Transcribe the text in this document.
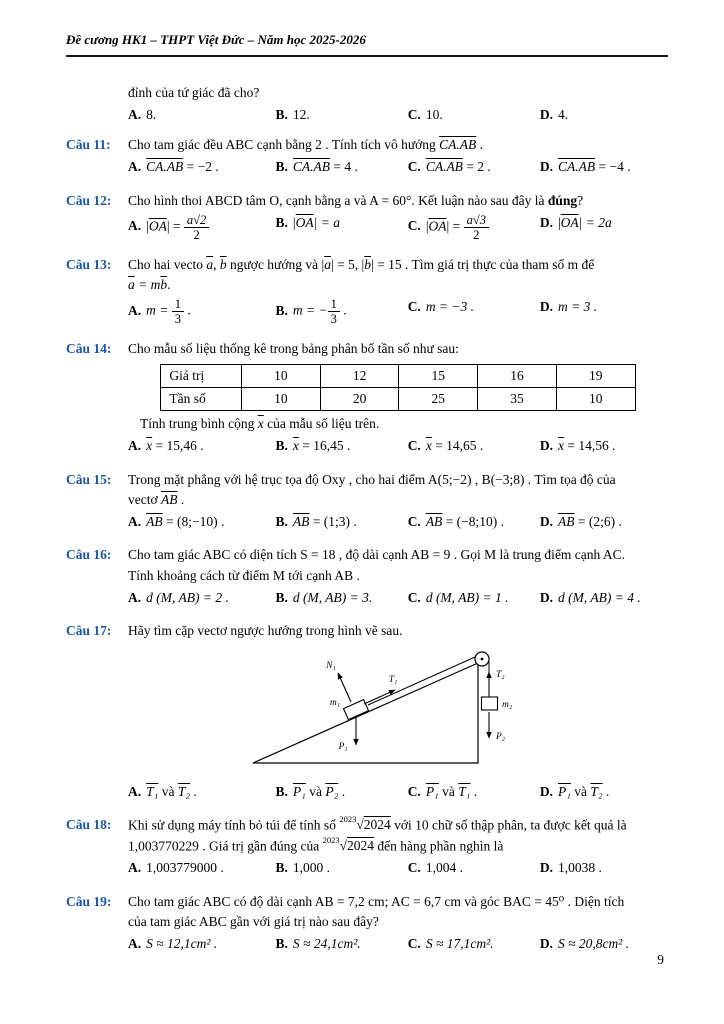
Đề cương HK1 – THPT Việt Đức – Năm học 2025-2026

đỉnh của tứ giác đã cho?

A. 8.	B. 12.	C. 10.	D. 4.
Câu 11:	Cho tam giác đều ABC cạnh bằng 2 . Tính tích vô hướng CA.AB .

A. CA.AB = −2 .	B. CA.AB = 4 .	C. CA.AB = 2 .	D. CA.AB = −4 .
Câu 12:	Cho hình thoi ABCD tâm O, cạnh bằng a và A = 60°. Kết luận nào sau đây là đúng?

A. $|\overline{OA}| = \frac{a√2}{2}$	B. $|\overline{OA}| = a$	C. $|\overline{OA}| = \frac{a√3}{2}$	D. $|\overline{OA}| = 2a$
Câu 13:	Cho hai vecto $\overline{a}$, $\overline{b}$ ngược hướng và $|\overline{a}| = 5$, $|\overline{b}| = 15$ . Tìm giá trị thực của tham số m để

$\overline{a} = m\overline{b}$.

A. $m = \frac{1}{3}$ .	B. m = − $\frac{1}{3}$ .	C. m = −3 .	D. m = 3 .
Câu 14:	Cho mẫu số liệu thống kê trong bảng phân bố tần số như sau:

Giá trị	10	12	15	16	19
Tần số	10	20	25	35	10

Tính trung bình cộng $\overline{x}$ của mẫu số liệu trên.

A. $\overline{x} = 15,46$ .	B. $\overline{x} = 16,45$ .	C. $\overline{x} = 14,65$ .	D. $\overline{x} = 14,56$ .
Câu 15:	Trong mặt phẳng với hệ trục tọa độ Oxy , cho hai điểm A(5;−2) , B(−3;8) . Tìm tọa độ của

vectơ $\overline{AB}$ .

A. $\overline{AB}$ = (8;−10) .	B. $\overline{AB}$ = (1;3) .	C. $\overline{AB}$ = (−8;10) .	D. $\overline{AB}$ = (2;6) .
Câu 16:	Cho tam giác ABC có diện tích S = 18 , độ dài cạnh AB = 9 . Gọi M là trung điểm cạnh AC.

Tính khoảng cách từ điểm M tới cạnh AB .

A. d (M, AB) = 2 .	B. d (M, AB) = 3.	C. d (M, AB) = 1 .	D. d (M, AB) = 4 .
Câu 17:	Hãy tìm cặp vectơ ngược hướng trong hình vẽ sau.

N₁
T₁
P₁
m₁
T₂
m₂
P₂
A. T₁ và T₂ .	B. P₁ và P₂ .	C. P₁ và T₁ .	D. P₁ và T₂ .
Câu 18:	Khi sử dụng máy tính bỏ túi để tính số $^{2023}$√2024 với 10 chữ số thập phân, ta được kết quả là

1,003770229 . Giá trị gần đúng của $^{2023}$√2024 đến hàng phần nghìn là

A. 1,003779000 .	B. 1,000 .	C. 1,004 .	D. 1,0038 .
Câu 19:	Cho tam giác ABC có độ dài cạnh AB = 7,2 cm; AC = 6,7 cm và góc BAC = 45⁰ . Diện tích

của tam giác ABC gần với giá trị nào sau đây?

A. S ≈ 12,1cm² .	B. S ≈ 24,1cm².	C. S ≈ 17,1cm².	D. S ≈ 20,8cm² .
9
